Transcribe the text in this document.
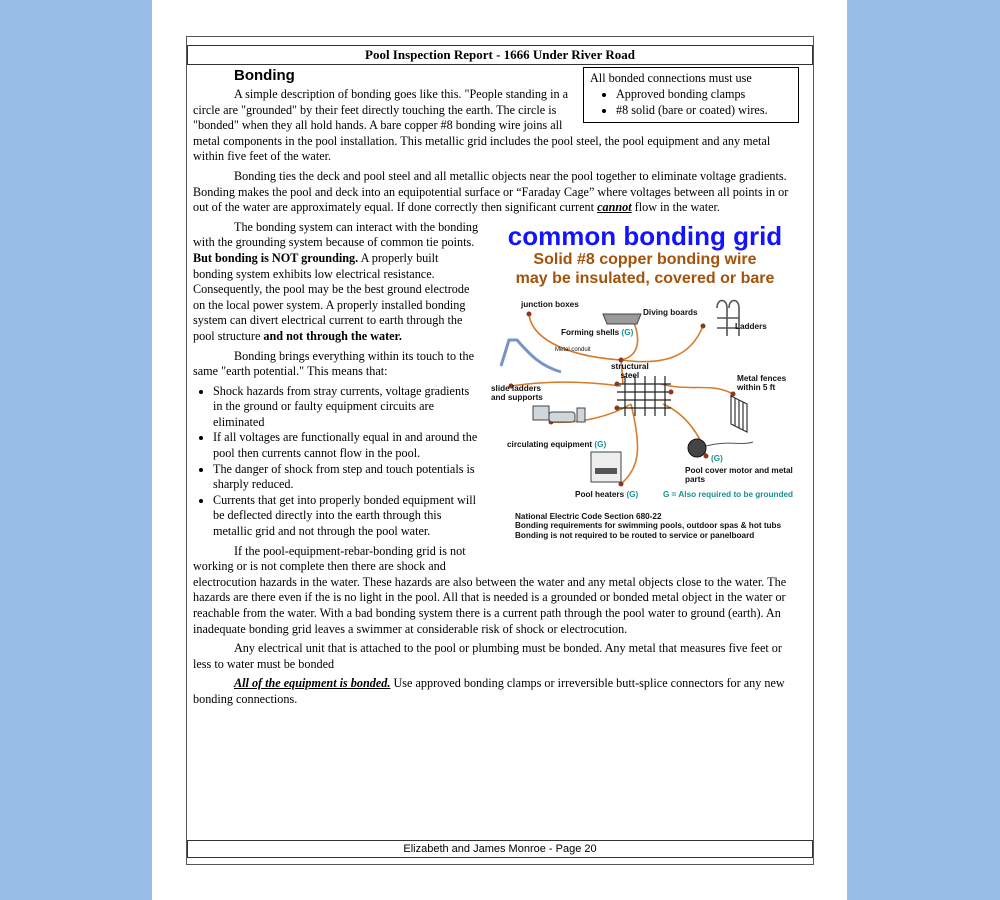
Pool Inspection Report - 1666 Under River Road
All bonded connections must use
• Approved bonding clamps
• #8 solid (bare or coated) wires.
Bonding

A simple description of bonding goes like this. "People standing in a circle are "grounded" by their feet directly touching the earth. The circle is "bonded" when they all hold hands. A bare copper #8 bonding wire joins all metal components in the pool installation. This metallic grid includes the pool steel, the pool equipment and any metal within five feet of the water.

Bonding ties the deck and pool steel and all metallic objects near the pool together to eliminate voltage gradients. Bonding makes the pool and deck into an equipotential surface or “Faraday Cage” where voltages between all points in or out of the water are approximately equal. If done correctly then significant current cannot flow in the water.

common bonding grid
Solid #8 copper bonding wire
may be insulated, covered or bare
junction boxes
Diving boards
Ladders
Forming shells (G)
Metal conduit
structural
steel
slide ladders
and supports
Metal fences
within 5 ft
circulating equipment (G)
(G)
Pool cover motor and metal parts
Pool heaters (G)	G = Also required to be grounded
National Electric Code Section 680-22
Bonding requirements for swimming pools, outdoor spas & hot tubs
Bonding is not required to be routed to service or panelboard

The bonding system can interact with the bonding with the grounding system because of common tie points. But bonding is NOT grounding. A properly built bonding system exhibits low electrical resistance. Consequently, the pool may be the best ground electrode on the local power system. A properly installed bonding system can divert electrical current to earth through the pool structure and not through the water.

Bonding brings everything within its touch to the same "earth potential." This means that:

• Shock hazards from stray currents, voltage gradients in the ground or faulty equipment circuits are eliminated
• If all voltages are functionally equal in and around the pool then currents cannot flow in the pool.
• The danger of shock from step and touch potentials is sharply reduced.
• Currents that get into properly bonded equipment will be deflected directly into the earth through this metallic grid and not through the pool water.

If the pool-equipment-rebar-bonding grid is not working or is not complete then there are shock and electrocution hazards in the water. These hazards are also between the water and any metal objects close to the water. The hazards are there even if the is no light in the pool. All that is needed is a grounded or bonded metal object in the water or reachable from the water. With a bad bonding system there is a current path through the pool water to ground (earth). An inadequate bonding grid leaves a swimmer at considerable risk of shock or electrocution.

Any electrical unit that is attached to the pool or plumbing must be bonded. Any metal that measures five feet or less to water must be bonded

All of the equipment is bonded. Use approved bonding clamps or irreversible butt-splice connectors for any new bonding connections.

Elizabeth and James Monroe - Page 20
